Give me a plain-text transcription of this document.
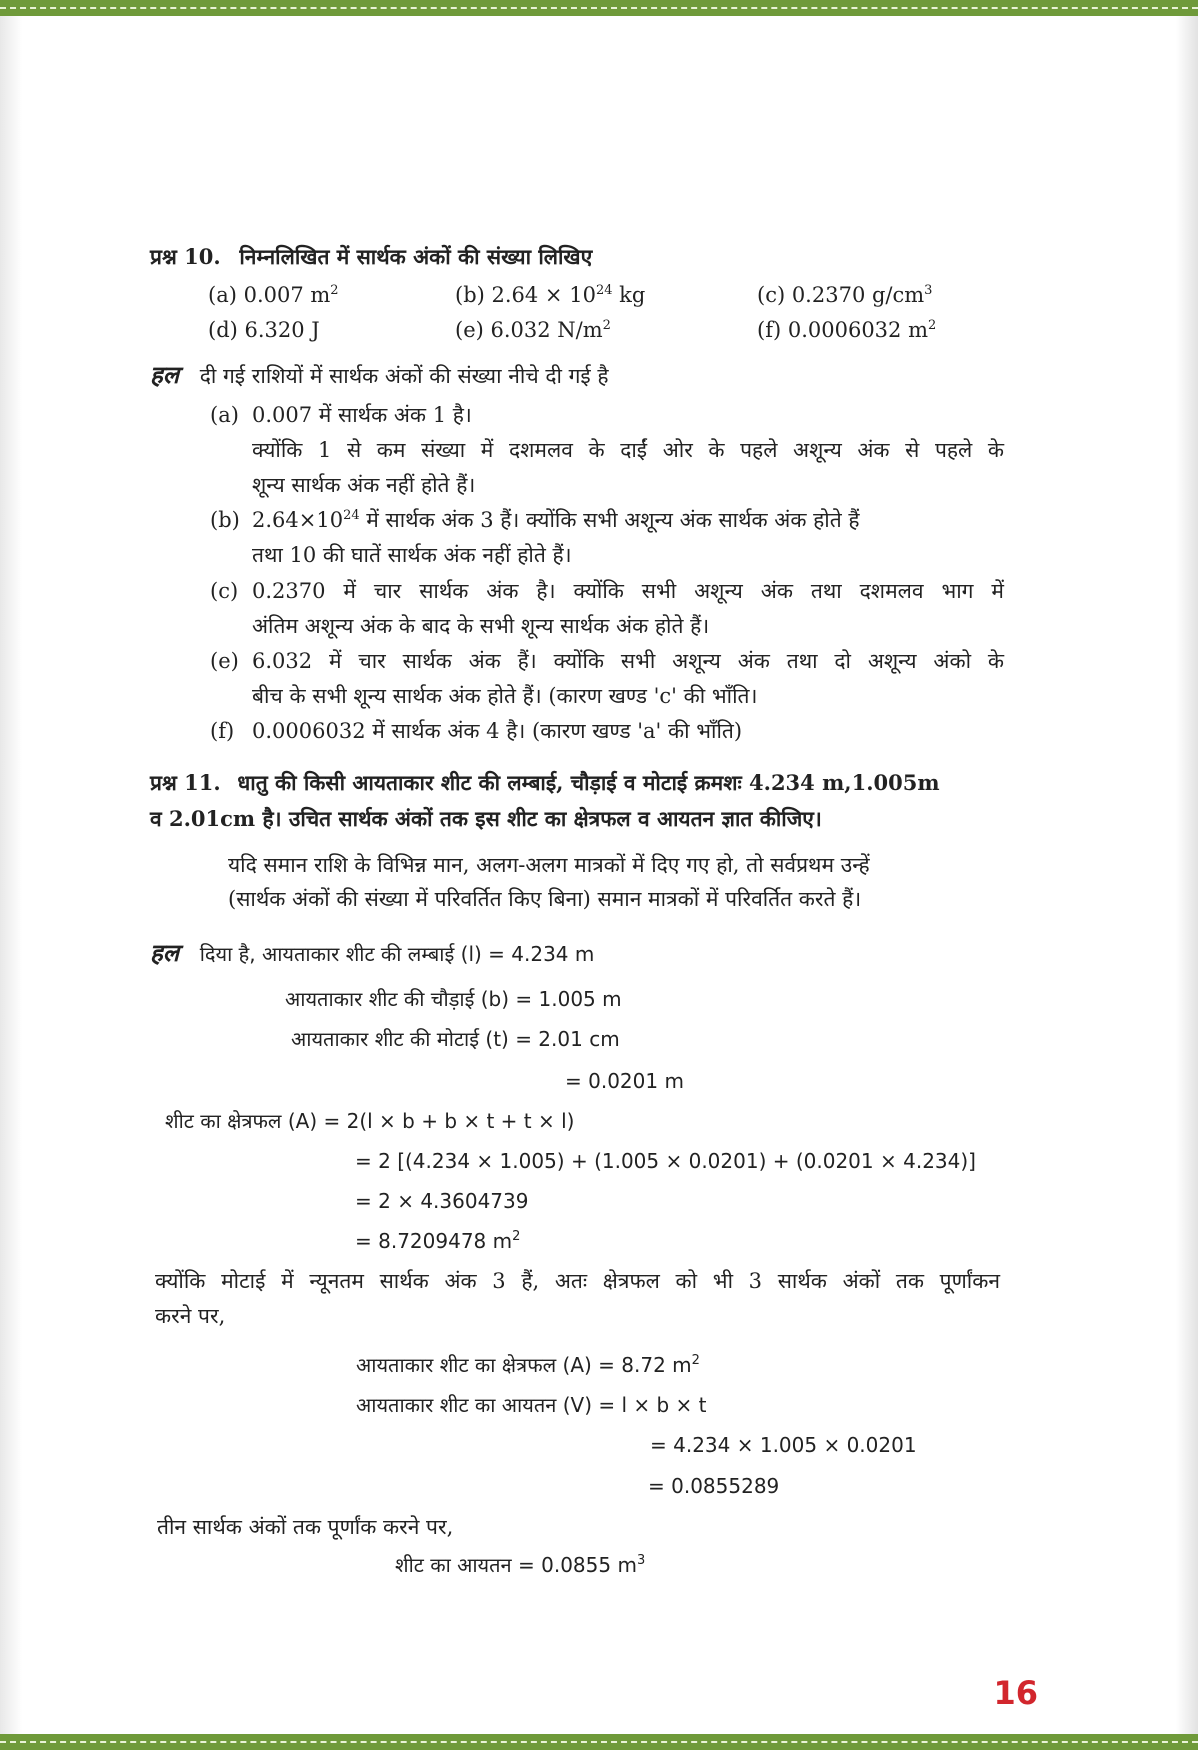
प्रश्न 10. निम्नलिखित में सार्थक अंकों की संख्या लिखिए
(a) 0.007 $m^2$	(b) $2.64 \times 10^{24}$ kg	(c) 0.2370 $g/cm^3$
(d) 6.320 J	(e) 6.032 $N/m^2$	(f) 0.0006032 $m^2$
हल दी गई राशियों में सार्थक अंकों की संख्या नीचे दी गई है
(a) 0.007 में सार्थक अंक 1 है।
क्योंकि 1 से कम संख्या में दशमलव के दाईं ओर के पहले अशून्य अंक से पहले के
शून्य सार्थक अंक नहीं होते हैं।
(b) $2.64\times 10^{24}$ में सार्थक अंक 3 हैं। क्योंकि सभी अशून्य अंक सार्थक अंक होते हैं
तथा 10 की घातें सार्थक अंक नहीं होते हैं।
(c) 0.2370 में चार सार्थक अंक है। क्योंकि सभी अशून्य अंक तथा दशमलव भाग में
अंतिम अशून्य अंक के बाद के सभी शून्य सार्थक अंक होते हैं।
(e) 6.032 में चार सार्थक अंक हैं। क्योंकि सभी अशून्य अंक तथा दो अशून्य अंको के
बीच के सभी शून्य सार्थक अंक होते हैं। (कारण खण्ड 'c' की भाँति।
(f) 0.0006032 में सार्थक अंक 4 है। (कारण खण्ड 'a' की भाँति)
प्रश्न 11. धातु की किसी आयताकार शीट की लम्बाई, चौड़ाई व मोटाई क्रमशः 4.234 m,1.005m
व 2.01cm है। उचित सार्थक अंकों तक इस शीट का क्षेत्रफल व आयतन ज्ञात कीजिए।
यदि समान राशि के विभिन्न मान, अलग-अलग मात्रकों में दिए गए हो, तो सर्वप्रथम उन्हें
(सार्थक अंकों की संख्या में परिवर्तित किए बिना) समान मात्रकों में परिवर्तित करते हैं।
हल दिया है, आयताकार शीट की लम्बाई (l) = 4.234 m
आयताकार शीट की चौड़ाई (b) = 1.005 m
आयताकार शीट की मोटाई (t) = 2.01 cm
= 0.0201 m
शीट का क्षेत्रफल (A) = 2(l × b + b × t + t × l)
= 2 [(4.234 × 1.005) + (1.005 × 0.0201) + (0.0201 × 4.234)]
= 2 × 4.3604739
= 8.7209478 $m^2$
क्योंकि मोटाई में न्यूनतम सार्थक अंक 3 हैं, अतः क्षेत्रफल को भी 3 सार्थक अंकों तक पूर्णांकन
करने पर,
आयताकार शीट का क्षेत्रफल (A) = 8.72 $m^2$
आयताकार शीट का आयतन (V) = l × b × t
= 4.234 × 1.005 × 0.0201
= 0.0855289
तीन सार्थक अंकों तक पूर्णांक करने पर,
शीट का आयतन = 0.0855 $m^3$
16
